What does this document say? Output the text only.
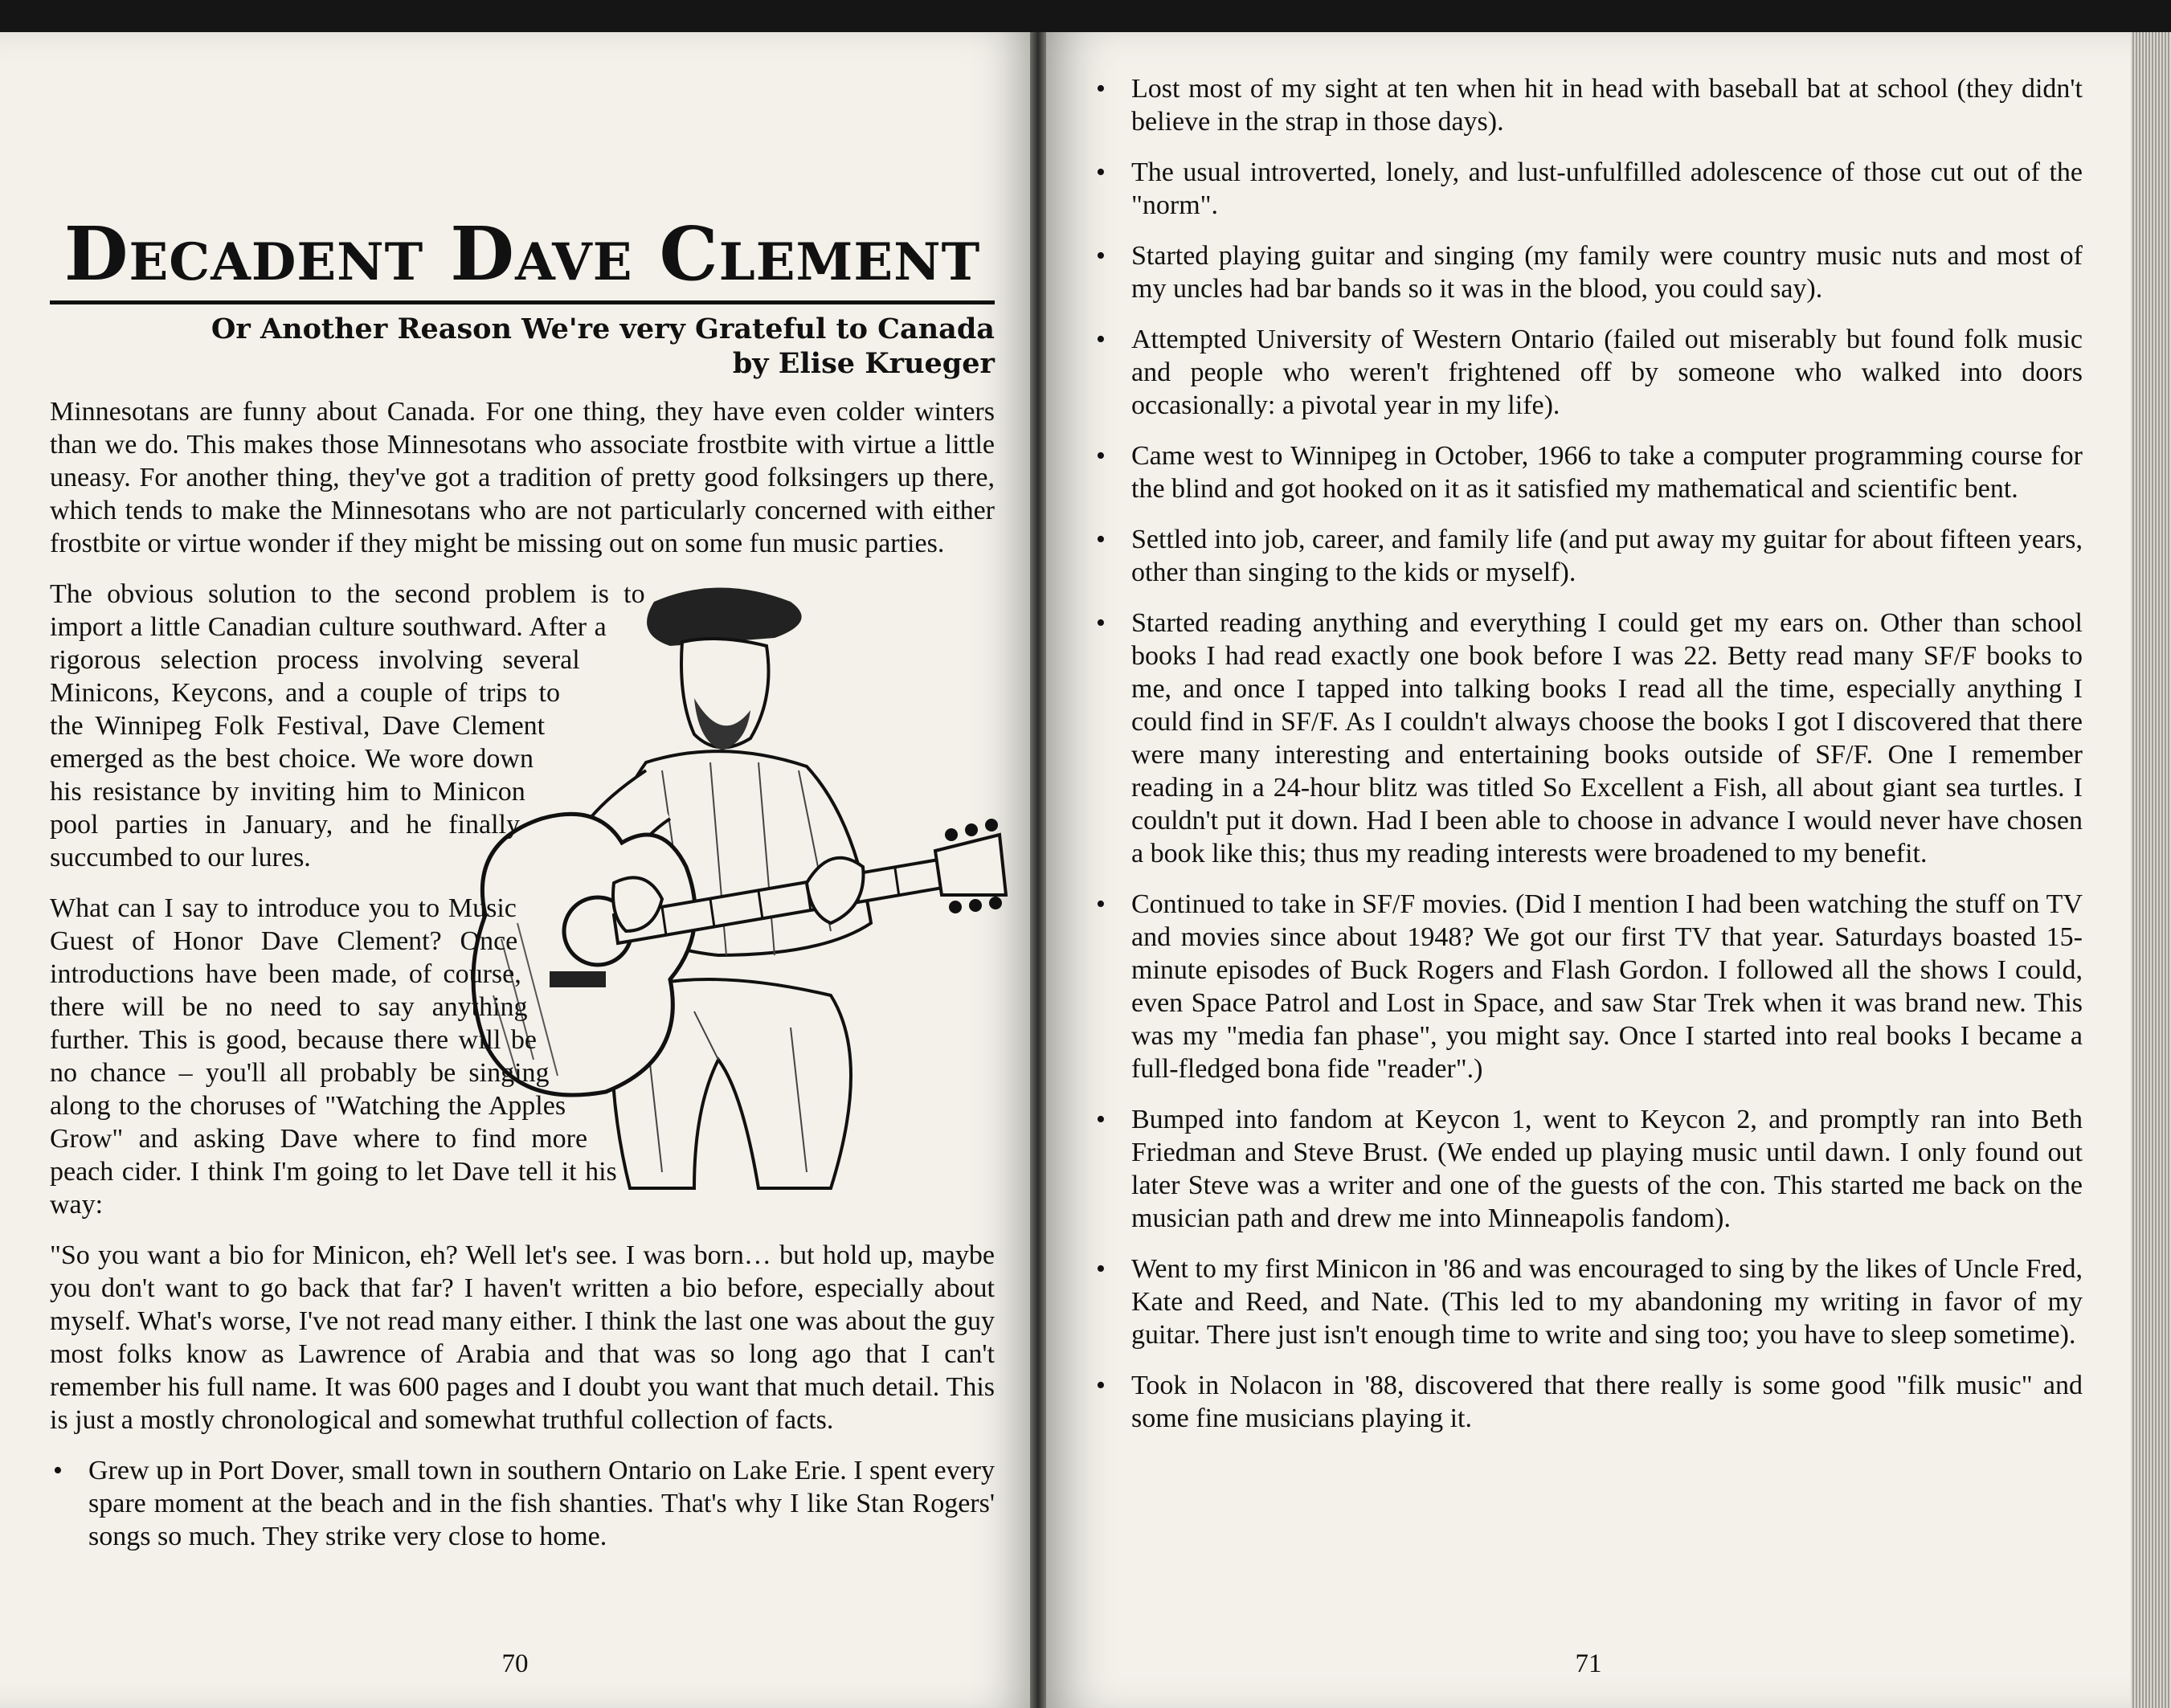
Decadent Dave Clement
Or Another Reason We're very Grateful to Canada
by Elise Krueger

Minnesotans are funny about Canada. For one thing, they have even colder winters than we do. This makes those Minnesotans who associate frostbite with virtue a little uneasy. For another thing, they've got a tradition of pretty good folksingers up there, which tends to make the Minnesotans who are not particularly concerned with either frostbite or virtue wonder if they might be missing out on some fun music parties.

The obvious solution to the second problem is to import a little Canadian culture southward. After a rigorous selection process involving several Minicons, Keycons, and a couple of trips to the Winnipeg Folk Festival, Dave Clement emerged as the best choice. We wore down his resistance by inviting him to Minicon pool parties in January, and he finally succumbed to our lures.

What can I say to introduce you to Music Guest of Honor Dave Clement? Once introductions have been made, of course, there will be no need to say anything further. This is good, because there will be no chance – you'll all probably be singing along to the choruses of "Watching the Apples Grow" and asking Dave where to find more peach cider. I think I'm going to let Dave tell it his way:

"So you want a bio for Minicon, eh? Well let's see. I was born… but hold up, maybe you don't want to go back that far? I haven't written a bio before, especially about myself. What's worse, I've not read many either. I think the last one was about the guy most folks know as Lawrence of Arabia and that was so long ago that I can't remember his full name. It was 600 pages and I doubt you want that much detail. This is just a mostly chronological and somewhat truthful collection of facts.

• Grew up in Port Dover, small town in southern Ontario on Lake Erie. I spent every spare moment at the beach and in the fish shanties. That's why I like Stan Rogers' songs so much. They strike very close to home.
70
• Lost most of my sight at ten when hit in head with baseball bat at school (they didn't believe in the strap in those days).
• The usual introverted, lonely, and lust-unfulfilled adolescence of those cut out of the "norm".
• Started playing guitar and singing (my family were country music nuts and most of my uncles had bar bands so it was in the blood, you could say).
• Attempted University of Western Ontario (failed out miserably but found folk music and people who weren't frightened off by someone who walked into doors occasionally: a pivotal year in my life).
• Came west to Winnipeg in October, 1966 to take a computer programming course for the blind and got hooked on it as it satisfied my mathematical and scientific bent.
• Settled into job, career, and family life (and put away my guitar for about fifteen years, other than singing to the kids or myself).
• Started reading anything and everything I could get my ears on. Other than school books I had read exactly one book before I was 22. Betty read many SF/F books to me, and once I tapped into talking books I read all the time, especially anything I could find in SF/F. As I couldn't always choose the books I got I discovered that there were many interesting and entertaining books outside of SF/F. One I remember reading in a 24-hour blitz was titled So Excellent a Fish, all about giant sea turtles. I couldn't put it down. Had I been able to choose in advance I would never have chosen a book like this; thus my reading interests were broadened to my benefit.
• Continued to take in SF/F movies. (Did I mention I had been watching the stuff on TV and movies since about 1948? We got our first TV that year. Saturdays boasted 15-minute episodes of Buck Rogers and Flash Gordon. I followed all the shows I could, even Space Patrol and Lost in Space, and saw Star Trek when it was brand new. This was my "media fan phase", you might say. Once I started into real books I became a full-fledged bona fide "reader".)
• Bumped into fandom at Keycon 1, went to Keycon 2, and promptly ran into Beth Friedman and Steve Brust. (We ended up playing music until dawn. I only found out later Steve was a writer and one of the guests of the con. This started me back on the musician path and drew me into Minneapolis fandom).
• Went to my first Minicon in '86 and was encouraged to sing by the likes of Uncle Fred, Kate and Reed, and Nate. (This led to my abandoning my writing in favor of my guitar. There just isn't enough time to write and sing too; you have to sleep sometime).
• Took in Nolacon in '88, discovered that there really is some good "filk music" and some fine musicians playing it.
71
